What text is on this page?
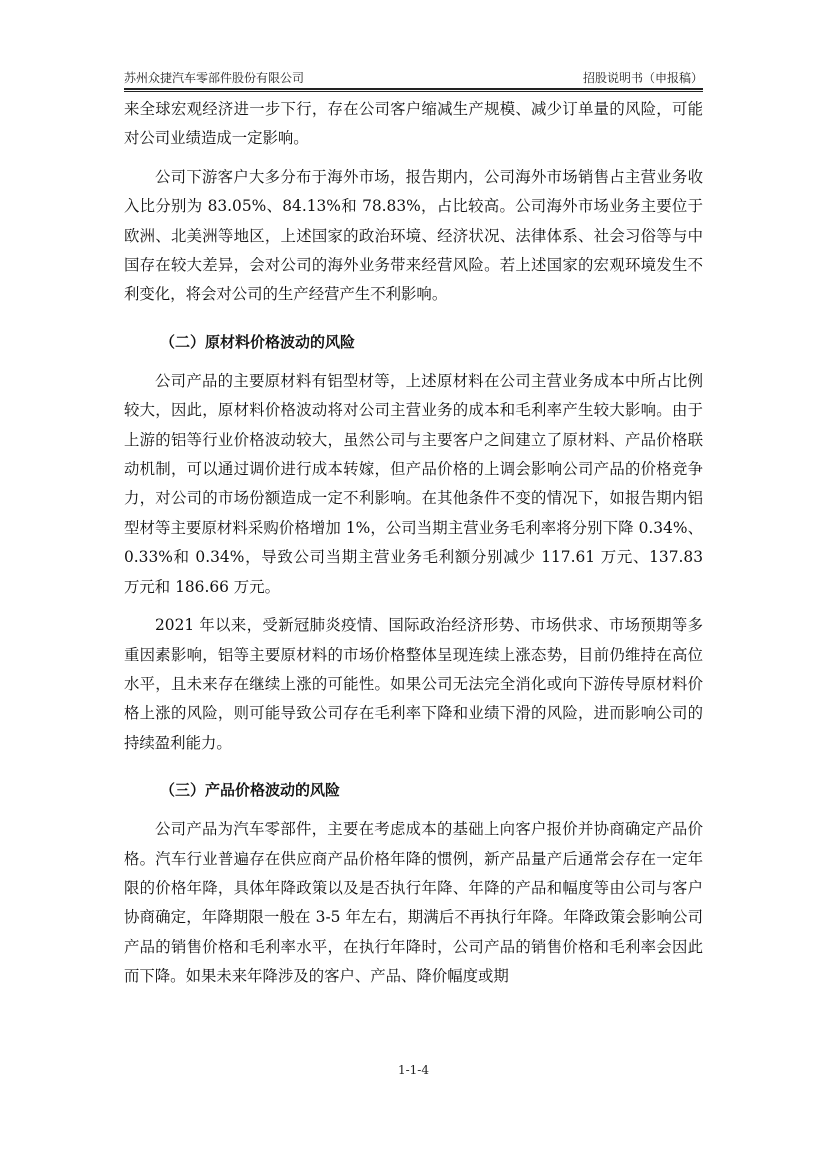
苏州众捷汽车零部件股份有限公司	招股说明书（申报稿）

来全球宏观经济进一步下行，存在公司客户缩减生产规模、减少订单量的风险，可能对公司业绩造成一定影响。

公司下游客户大多分布于海外市场，报告期内，公司海外市场销售占主营业务收入比分别为 83.05%、84.13%和 78.83%，占比较高。公司海外市场业务主要位于欧洲、北美洲等地区，上述国家的政治环境、经济状况、法律体系、社会习俗等与中国存在较大差异，会对公司的海外业务带来经营风险。若上述国家的宏观环境发生不利变化，将会对公司的生产经营产生不利影响。

（二）原材料价格波动的风险

公司产品的主要原材料有铝型材等，上述原材料在公司主营业务成本中所占比例较大，因此，原材料价格波动将对公司主营业务的成本和毛利率产生较大影响。由于上游的铝等行业价格波动较大，虽然公司与主要客户之间建立了原材料、产品价格联动机制，可以通过调价进行成本转嫁，但产品价格的上调会影响公司产品的价格竞争力，对公司的市场份额造成一定不利影响。在其他条件不变的情况下，如报告期内铝型材等主要原材料采购价格增加 1%，公司当期主营业务毛利率将分别下降 0.34%、0.33%和 0.34%，导致公司当期主营业务毛利额分别减少 117.61 万元、137.83 万元和 186.66 万元。

2021 年以来，受新冠肺炎疫情、国际政治经济形势、市场供求、市场预期等多重因素影响，铝等主要原材料的市场价格整体呈现连续上涨态势，目前仍维持在高位水平，且未来存在继续上涨的可能性。如果公司无法完全消化或向下游传导原材料价格上涨的风险，则可能导致公司存在毛利率下降和业绩下滑的风险，进而影响公司的持续盈利能力。

（三）产品价格波动的风险

公司产品为汽车零部件，主要在考虑成本的基础上向客户报价并协商确定产品价格。汽车行业普遍存在供应商产品价格年降的惯例，新产品量产后通常会存在一定年限的价格年降，具体年降政策以及是否执行年降、年降的产品和幅度等由公司与客户协商确定，年降期限一般在 3-5 年左右，期满后不再执行年降。年降政策会影响公司产品的销售价格和毛利率水平，在执行年降时，公司产品的销售价格和毛利率会因此而下降。如果未来年降涉及的客户、产品、降价幅度或期

1-1-4
